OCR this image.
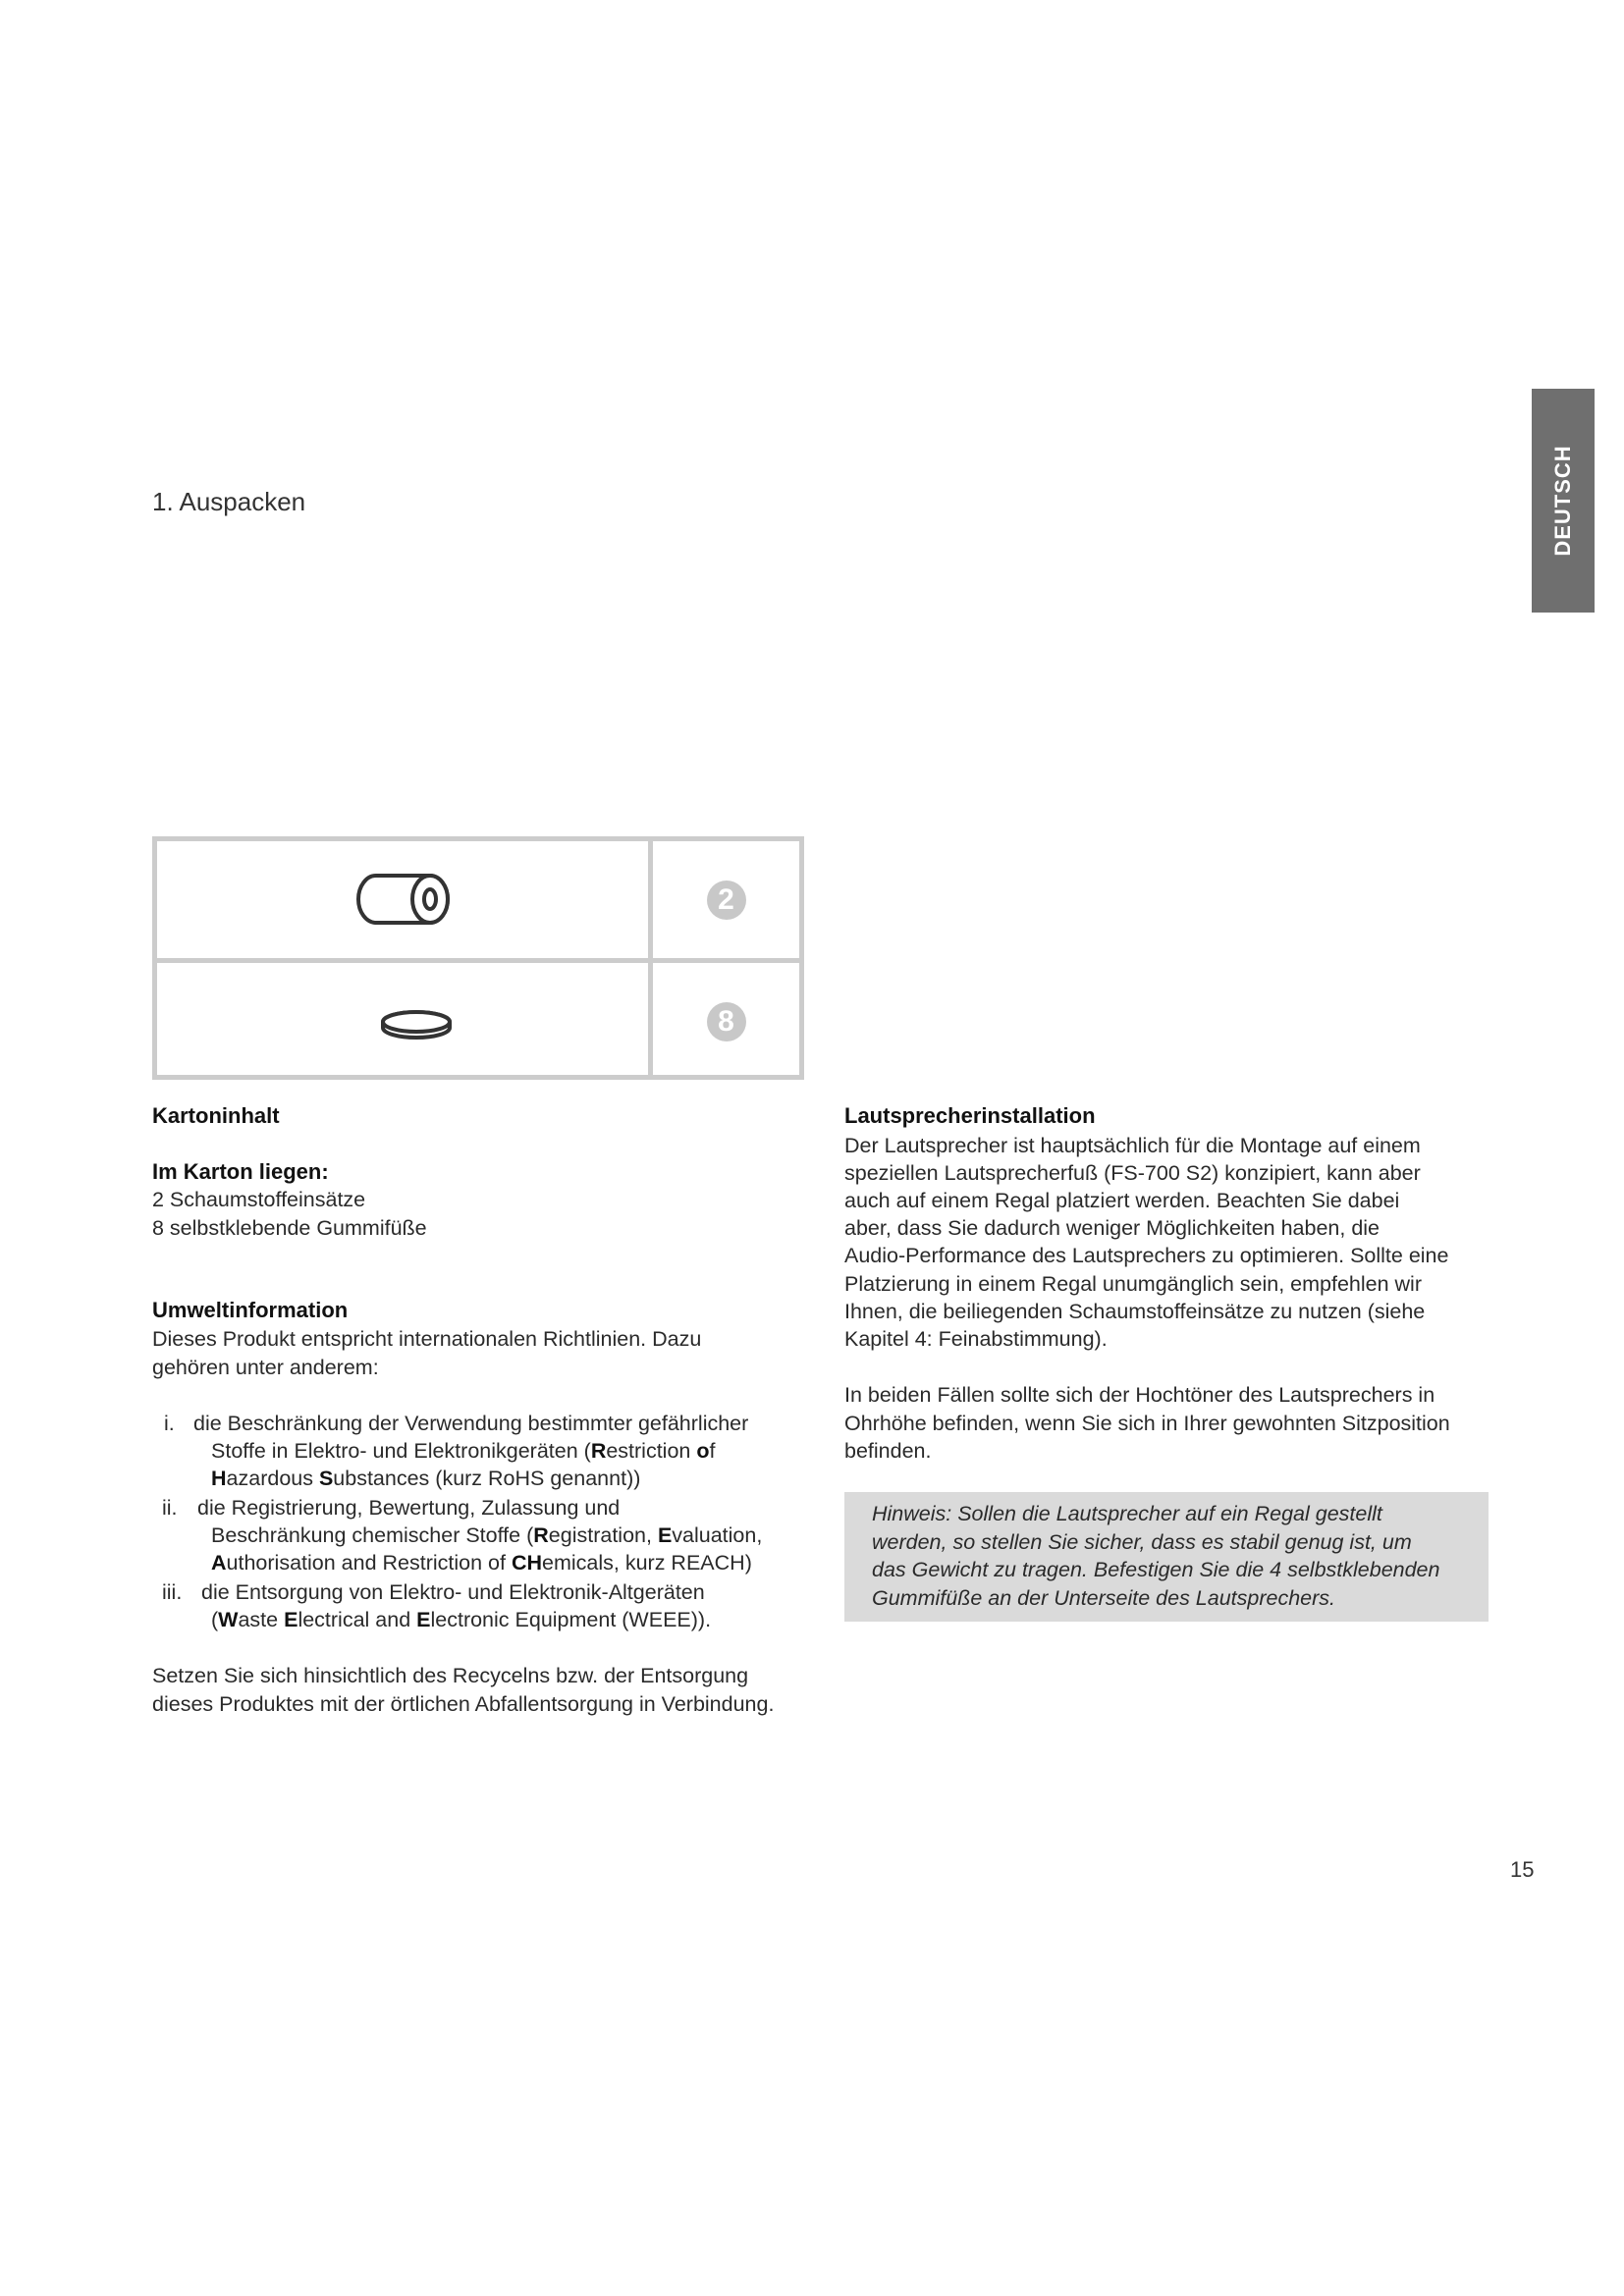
DEUTSCH
1. Auspacken
2
8
Kartoninhalt
Im Karton liegen:
2 Schaumstoffeinsätze
8 selbstklebende Gummifüße
Umweltinformation
Dieses Produkt entspricht internationalen Richtlinien. Dazu
gehören unter anderem:
i. die Beschränkung der Verwendung bestimmter gefährlicher
Stoffe in Elektro- und Elektronikgeräten (Restriction of
Hazardous Substances (kurz RoHS genannt))
ii. die Registrierung, Bewertung, Zulassung und
Beschränkung chemischer Stoffe (Registration, Evaluation,
Authorisation and Restriction of CHemicals, kurz REACH)
iii. die Entsorgung von Elektro- und Elektronik-Altgeräten
(Waste Electrical and Electronic Equipment (WEEE)).
Setzen Sie sich hinsichtlich des Recycelns bzw. der Entsorgung
dieses Produktes mit der örtlichen Abfallentsorgung in Verbindung.
Lautsprecherinstallation
Der Lautsprecher ist hauptsächlich für die Montage auf einem
speziellen Lautsprecherfuß (FS-700 S2) konzipiert, kann aber
auch auf einem Regal platziert werden. Beachten Sie dabei
aber, dass Sie dadurch weniger Möglichkeiten haben, die
Audio-Performance des Lautsprechers zu optimieren. Sollte eine
Platzierung in einem Regal unumgänglich sein, empfehlen wir
Ihnen, die beiliegenden Schaumstoffeinsätze zu nutzen (siehe
Kapitel 4: Feinabstimmung).
In beiden Fällen sollte sich der Hochtöner des Lautsprechers in
Ohrhöhe befinden, wenn Sie sich in Ihrer gewohnten Sitzposition
befinden.
Hinweis: Sollen die Lautsprecher auf ein Regal gestellt
werden, so stellen Sie sicher, dass es stabil genug ist, um
das Gewicht zu tragen. Befestigen Sie die 4 selbstklebenden
Gummifüße an der Unterseite des Lautsprechers.
15
